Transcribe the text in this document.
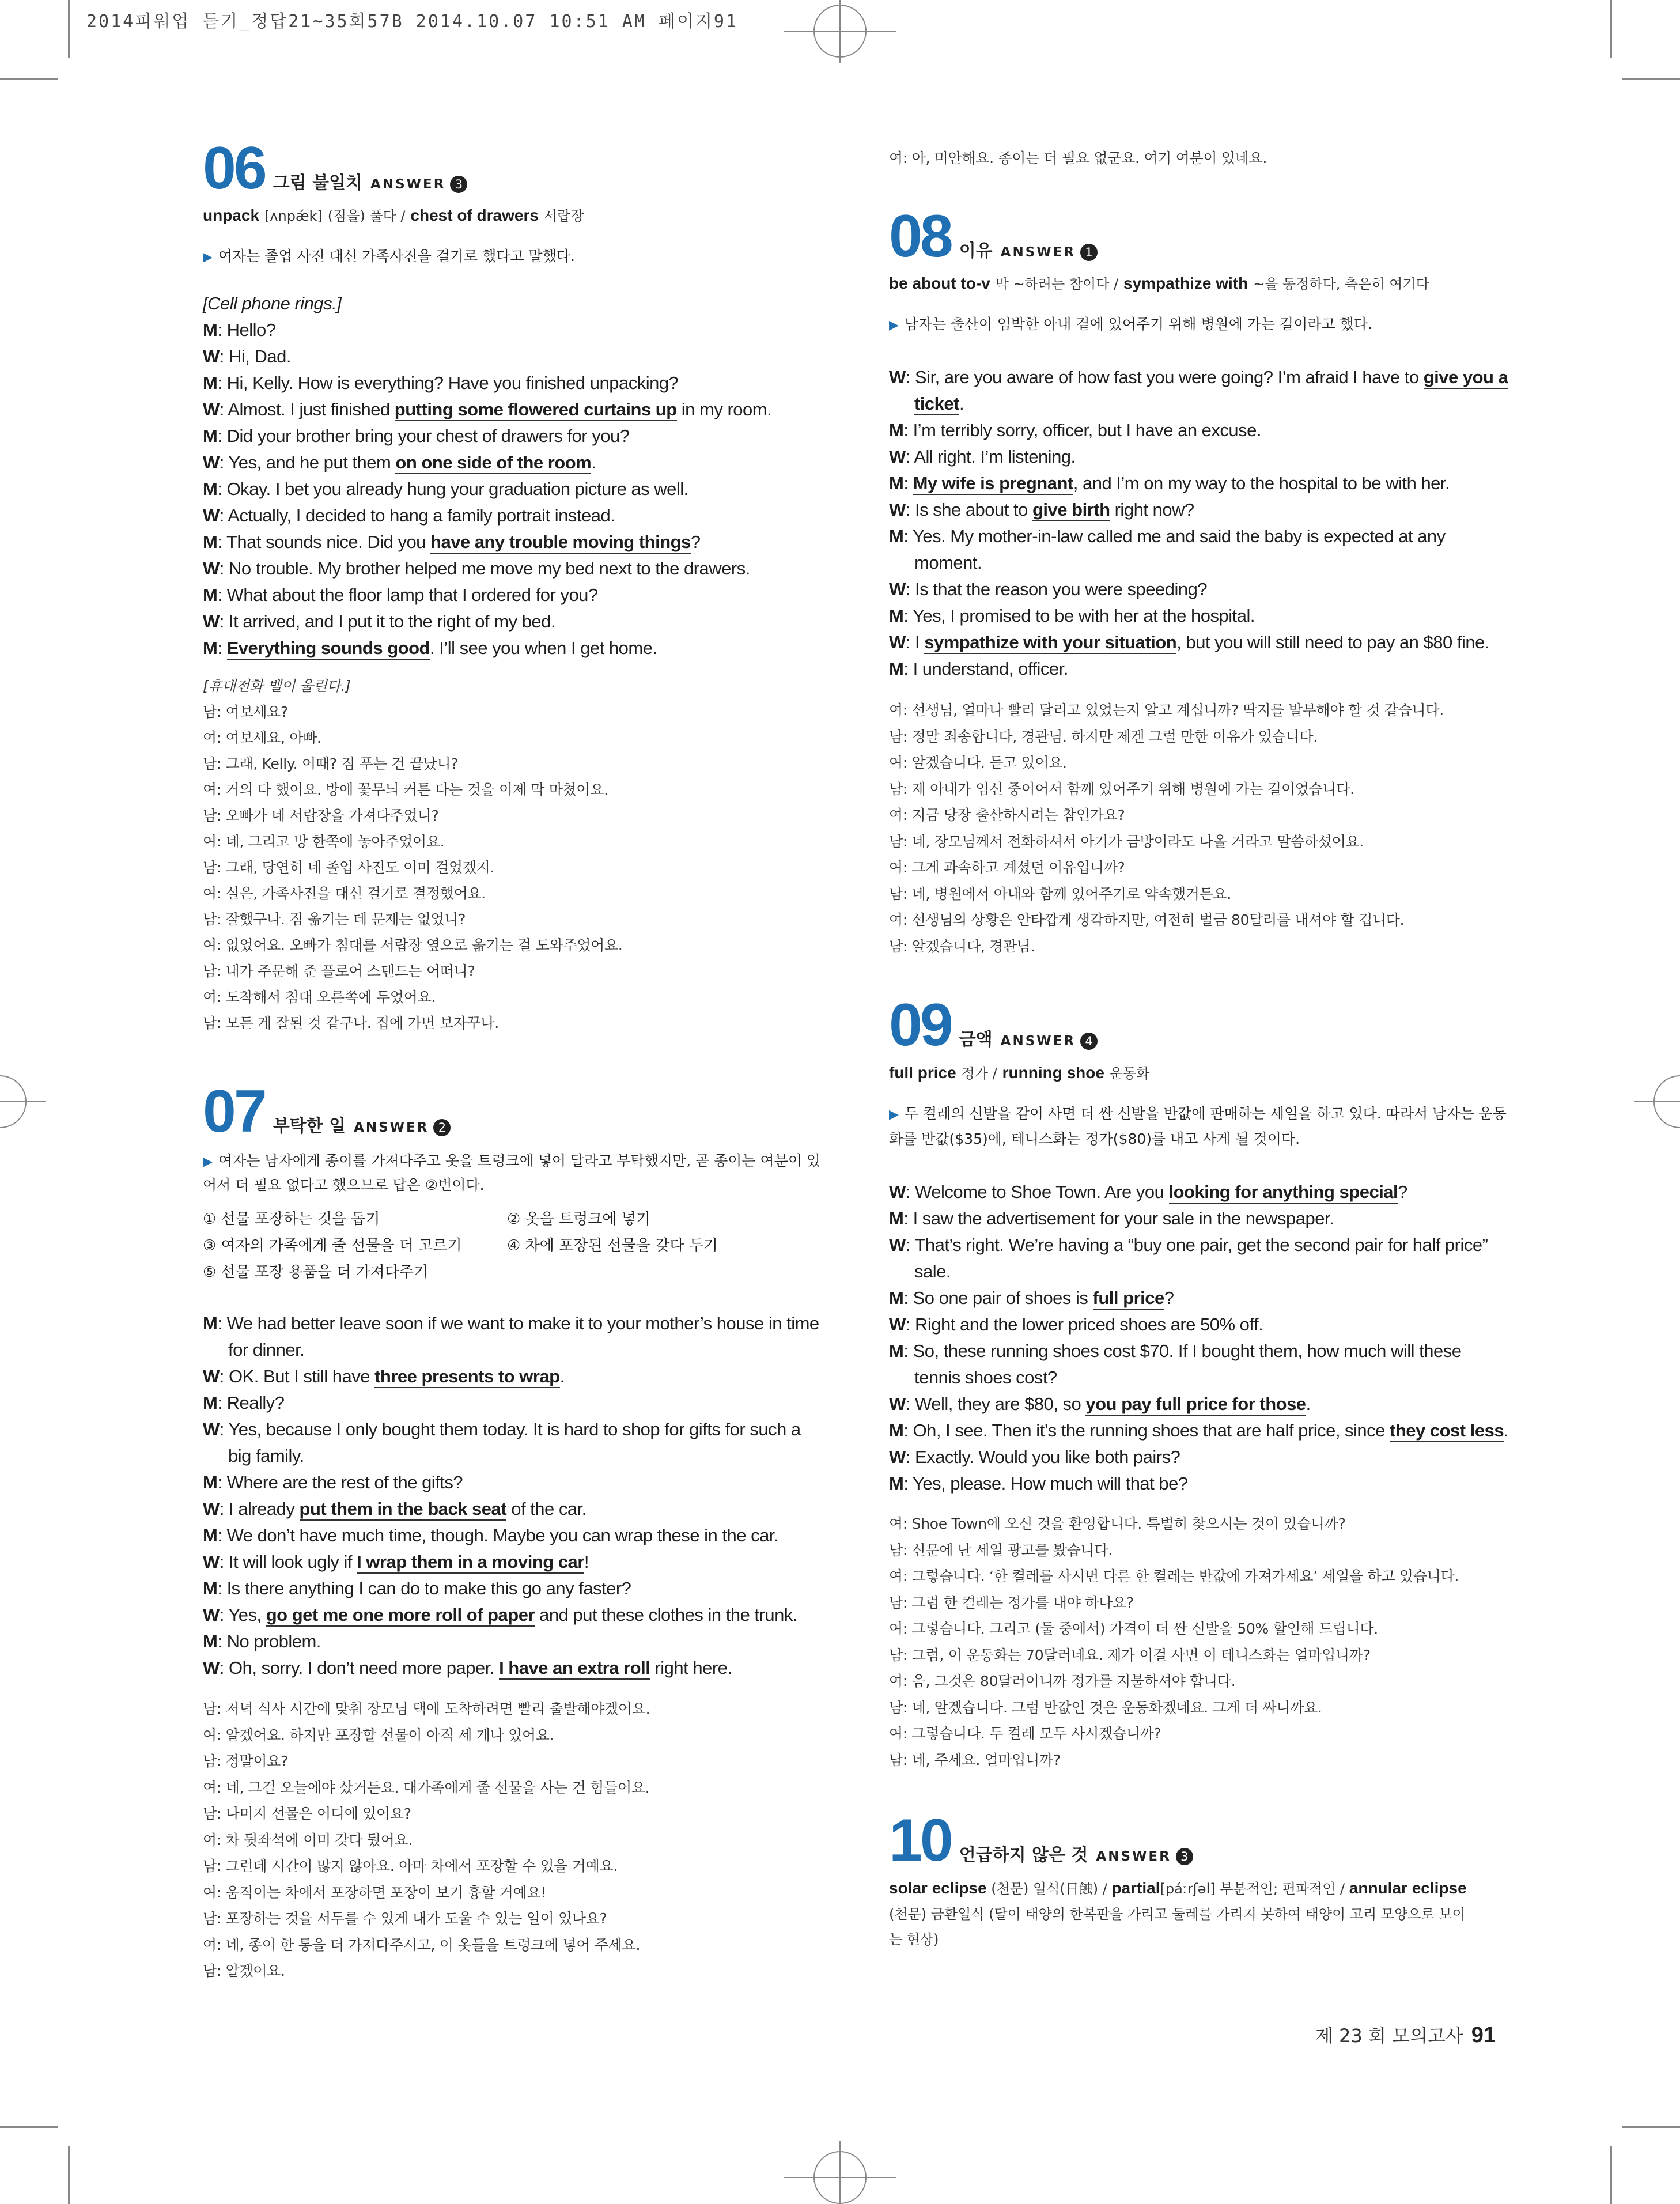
2014피워업 듣기_정답21~35회57B 2014.10.07 10:51 AM 페이지91
06 그림 불일치 ANSWER 3
unpack [ʌnpǽk] (짐을) 풀다 / chest of drawers 서랍장
▶ 여자는 졸업 사진 대신 가족사진을 걸기로 했다고 말했다.
[Cell phone rings.]
M: Hello?
W: Hi, Dad.
M: Hi, Kelly. How is everything? Have you finished unpacking?
W: Almost. I just finished putting some flowered curtains up in my room.
M: Did your brother bring your chest of drawers for you?
W: Yes, and he put them on one side of the room.
M: Okay. I bet you already hung your graduation picture as well.
W: Actually, I decided to hang a family portrait instead.
M: That sounds nice. Did you have any trouble moving things?
W: No trouble. My brother helped me move my bed next to the drawers.
M: What about the floor lamp that I ordered for you?
W: It arrived, and I put it to the right of my bed.
M: Everything sounds good. I’ll see you when I get home.
[휴대전화 벨이 울린다.]
남: 여보세요?
여: 여보세요, 아빠.
남: 그래, Kelly. 어때? 짐 푸는 건 끝났니?
여: 거의 다 했어요. 방에 꽃무늬 커튼 다는 것을 이제 막 마쳤어요.
남: 오빠가 네 서랍장을 가져다주었니?
여: 네, 그리고 방 한쪽에 놓아주었어요.
남: 그래, 당연히 네 졸업 사진도 이미 걸었겠지.
여: 실은, 가족사진을 대신 걸기로 결정했어요.
남: 잘했구나. 짐 옮기는 데 문제는 없었니?
여: 없었어요. 오빠가 침대를 서랍장 옆으로 옮기는 걸 도와주었어요.
남: 내가 주문해 준 플로어 스탠드는 어떠니?
여: 도착해서 침대 오른쪽에 두었어요.
남: 모든 게 잘된 것 같구나. 집에 가면 보자꾸나.
07 부탁한 일 ANSWER 2
▶ 여자는 남자에게 종이를 가져다주고 옷을 트렁크에 넣어 달라고 부탁했지만, 곧 종이는 여분이 있
어서 더 필요 없다고 했으므로 답은 ②번이다.
① 선물 포장하는 것을 돕기	② 옷을 트렁크에 넣기
③ 여자의 가족에게 줄 선물을 더 고르기	④ 차에 포장된 선물을 갖다 두기
⑤ 선물 포장 용품을 더 가져다주기
M: We had better leave soon if we want to make it to your mother’s house in time
for dinner.
W: OK. But I still have three presents to wrap.
M: Really?
W: Yes, because I only bought them today. It is hard to shop for gifts for such a
big family.
M: Where are the rest of the gifts?
W: I already put them in the back seat of the car.
M: We don’t have much time, though. Maybe you can wrap these in the car.
W: It will look ugly if I wrap them in a moving car!
M: Is there anything I can do to make this go any faster?
W: Yes, go get me one more roll of paper and put these clothes in the trunk.
M: No problem.
W: Oh, sorry. I don’t need more paper. I have an extra roll right here.
남: 저녁 식사 시간에 맞춰 장모님 댁에 도착하려면 빨리 출발해야겠어요.
여: 알겠어요. 하지만 포장할 선물이 아직 세 개나 있어요.
남: 정말이요?
여: 네, 그걸 오늘에야 샀거든요. 대가족에게 줄 선물을 사는 건 힘들어요.
남: 나머지 선물은 어디에 있어요?
여: 차 뒷좌석에 이미 갖다 뒀어요.
남: 그런데 시간이 많지 않아요. 아마 차에서 포장할 수 있을 거예요.
여: 움직이는 차에서 포장하면 포장이 보기 흉할 거예요!
남: 포장하는 것을 서두를 수 있게 내가 도울 수 있는 일이 있나요?
여: 네, 종이 한 통을 더 가져다주시고, 이 옷들을 트렁크에 넣어 주세요.
남: 알겠어요.
여: 아, 미안해요. 종이는 더 필요 없군요. 여기 여분이 있네요.
08 이유 ANSWER 1
be about to-v 막 ~하려는 참이다 / sympathize with ~을 동정하다, 측은히 여기다
▶ 남자는 출산이 임박한 아내 곁에 있어주기 위해 병원에 가는 길이라고 했다.
W: Sir, are you aware of how fast you were going? I’m afraid I have to give you a
ticket.
M: I’m terribly sorry, officer, but I have an excuse.
W: All right. I’m listening.
M: My wife is pregnant, and I’m on my way to the hospital to be with her.
W: Is she about to give birth right now?
M: Yes. My mother-in-law called me and said the baby is expected at any
moment.
W: Is that the reason you were speeding?
M: Yes, I promised to be with her at the hospital.
W: I sympathize with your situation, but you will still need to pay an $80 fine.
M: I understand, officer.
여: 선생님, 얼마나 빨리 달리고 있었는지 알고 계십니까? 딱지를 발부해야 할 것 같습니다.
남: 정말 죄송합니다, 경관님. 하지만 제겐 그럴 만한 이유가 있습니다.
여: 알겠습니다. 듣고 있어요.
남: 제 아내가 임신 중이어서 함께 있어주기 위해 병원에 가는 길이었습니다.
여: 지금 당장 출산하시려는 참인가요?
남: 네, 장모님께서 전화하셔서 아기가 금방이라도 나올 거라고 말씀하셨어요.
여: 그게 과속하고 계셨던 이유입니까?
남: 네, 병원에서 아내와 함께 있어주기로 약속했거든요.
여: 선생님의 상황은 안타깝게 생각하지만, 여전히 벌금 80달러를 내셔야 할 겁니다.
남: 알겠습니다, 경관님.
09 금액 ANSWER 4
full price 정가 / running shoe 운동화
▶ 두 켤레의 신발을 같이 사면 더 싼 신발을 반값에 판매하는 세일을 하고 있다. 따라서 남자는 운동
화를 반값($35)에, 테니스화는 정가($80)를 내고 사게 될 것이다.
W: Welcome to Shoe Town. Are you looking for anything special?
M: I saw the advertisement for your sale in the newspaper.
W: That’s right. We’re having a “buy one pair, get the second pair for half price”
sale.
M: So one pair of shoes is full price?
W: Right and the lower priced shoes are 50% off.
M: So, these running shoes cost $70. If I bought them, how much will these
tennis shoes cost?
W: Well, they are $80, so you pay full price for those.
M: Oh, I see. Then it’s the running shoes that are half price, since they cost less.
W: Exactly. Would you like both pairs?
M: Yes, please. How much will that be?
여: Shoe Town에 오신 것을 환영합니다. 특별히 찾으시는 것이 있습니까?
남: 신문에 난 세일 광고를 봤습니다.
여: 그렇습니다. ‘한 켤레를 사시면 다른 한 켤레는 반값에 가져가세요’ 세일을 하고 있습니다.
남: 그럼 한 켤레는 정가를 내야 하나요?
여: 그렇습니다. 그리고 (둘 중에서) 가격이 더 싼 신발을 50% 할인해 드립니다.
남: 그럼, 이 운동화는 70달러네요. 제가 이걸 사면 이 테니스화는 얼마입니까?
여: 음, 그것은 80달러이니까 정가를 지불하셔야 합니다.
남: 네, 알겠습니다. 그럼 반값인 것은 운동화겠네요. 그게 더 싸니까요.
여: 그렇습니다. 두 켤레 모두 사시겠습니까?
남: 네, 주세요. 얼마입니까?
10 언급하지 않은 것 ANSWER 3
solar eclipse (천문) 일식(日蝕) / partial[páːrʃəl] 부분적인; 편파적인 / annular eclipse
(천문) 금환일식 (달이 태양의 한복판을 가리고 둘레를 가리지 못하여 태양이 고리 모양으로 보이
는 현상)
제 23 회 모의고사 91
